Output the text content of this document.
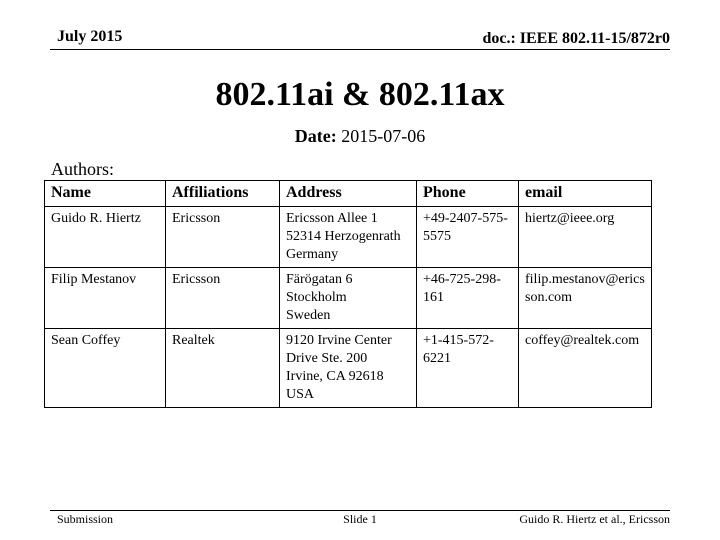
July 2015	doc.: IEEE 802.11-15/872r0
802.11ai & 802.11ax
Date: 2015-07-06
Authors:
Name	Affiliations	Address	Phone	email
Guido R. Hiertz	Ericsson	Ericsson Allee 1
52314 Herzogenrath
Germany	+49-2407-575-5575	hiertz@ieee.org
Filip Mestanov	Ericsson	Färögatan 6
Stockholm
Sweden	+46-725-298-161	filip.mestanov@ericsson.com
Sean Coffey	Realtek	9120 Irvine Center Drive Ste. 200
Irvine, CA 92618
USA	+1-415-572-6221	coffey@realtek.com
Submission	Slide 1	Guido R. Hiertz et al., Ericsson
